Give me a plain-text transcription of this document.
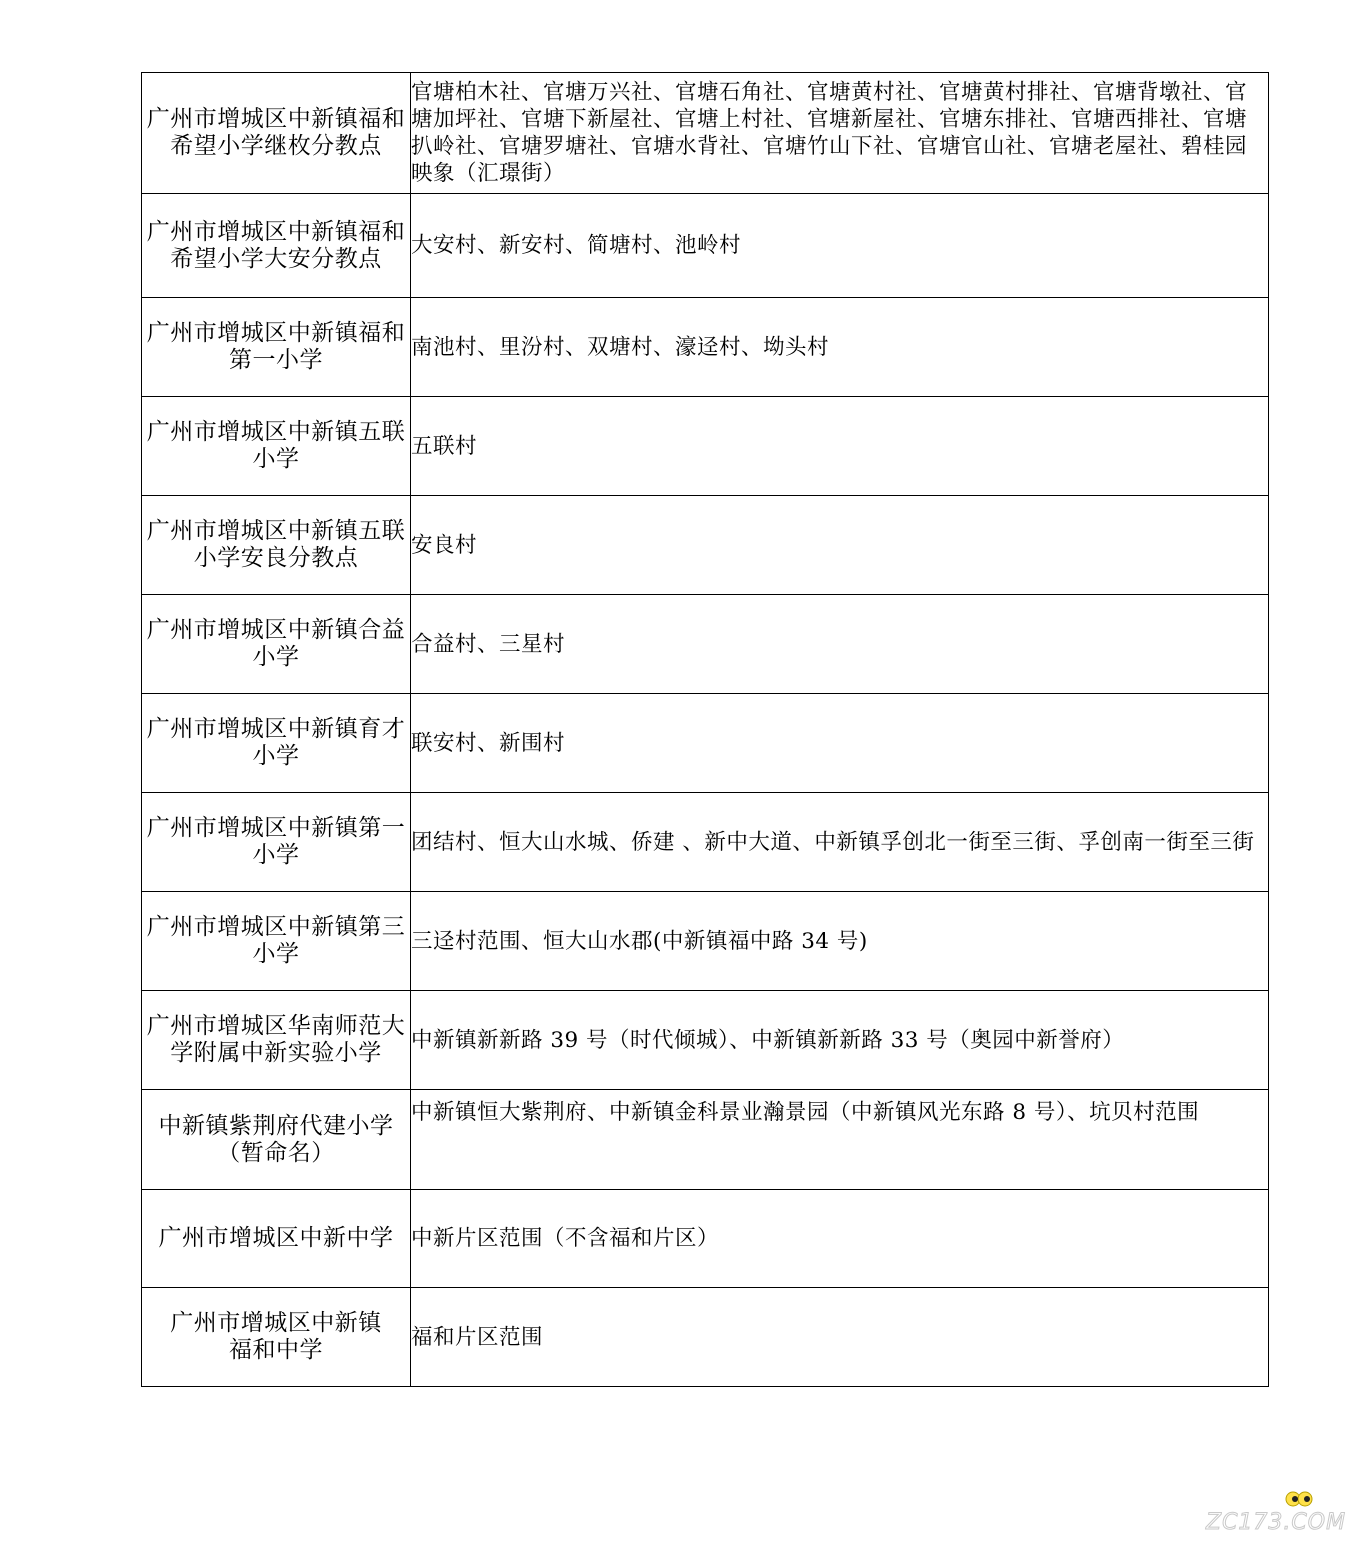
广州市增城区中新镇福和希望小学继枚分教点	官塘柏木社、官塘万兴社、官塘石角社、官塘黄村社、官塘黄村排社、官塘背墩社、官塘加坪社、官塘下新屋社、官塘上村社、官塘新屋社、官塘东排社、官塘西排社、官塘扒岭社、官塘罗塘社、官塘水背社、官塘竹山下社、官塘官山社、官塘老屋社、碧桂园映象（汇璟街）

广州市增城区中新镇福和希望小学大安分教点	大安村、新安村、简塘村、池岭村

广州市增城区中新镇福和第一小学	南池村、里汾村、双塘村、濠迳村、坳头村

广州市增城区中新镇五联小学	五联村

广州市增城区中新镇五联小学安良分教点	安良村

广州市增城区中新镇合益小学	合益村、三星村

广州市增城区中新镇育才小学	联安村、新围村

广州市增城区中新镇第一小学	团结村、恒大山水城、侨建 、新中大道、中新镇孚创北一街至三街、孚创南一街至三街

广州市增城区中新镇第三小学	三迳村范围、恒大山水郡(中新镇福中路 34 号)

广州市增城区华南师范大学附属中新实验小学	中新镇新新路 39 号（时代倾城）、中新镇新新路 33 号（奥园中新誉府）

中新镇紫荆府代建小学（暂命名）	中新镇恒大紫荆府、中新镇金科景业瀚景园（中新镇风光东路 8 号）、坑贝村范围

广州市增城区中新中学	中新片区范围（不含福和片区）

广州市增城区中新镇福和中学	福和片区范围
ZC173.COM
